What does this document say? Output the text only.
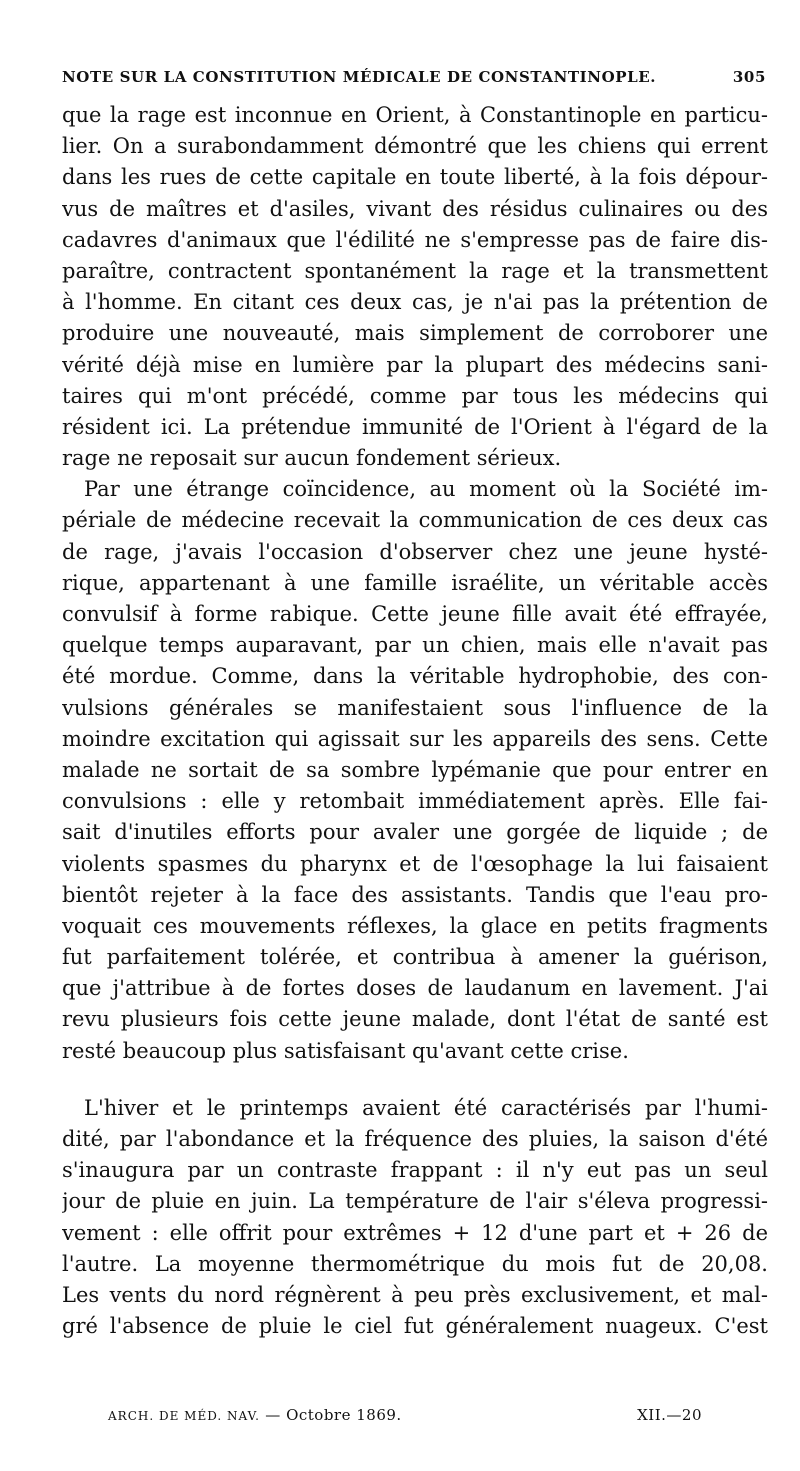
NOTE SUR LA CONSTITUTION MÉDICALE DE CONSTANTINOPLE.	305
que la rage est inconnue en Orient, à Constantinople en particu-
lier. On a surabondamment démontré que les chiens qui errent
dans les rues de cette capitale en toute liberté, à la fois dépour-
vus de maîtres et d'asiles, vivant des résidus culinaires ou des
cadavres d'animaux que l'édilité ne s'empresse pas de faire dis-
paraître, contractent spontanément la rage et la transmettent
à l'homme. En citant ces deux cas, je n'ai pas la prétention de
produire une nouveauté, mais simplement de corroborer une
vérité déjà mise en lumière par la plupart des médecins sani-
taires qui m'ont précédé, comme par tous les médecins qui
résident ici. La prétendue immunité de l'Orient à l'égard de la
rage ne reposait sur aucun fondement sérieux.
Par une étrange coïncidence, au moment où la Société im-
périale de médecine recevait la communication de ces deux cas
de rage, j'avais l'occasion d'observer chez une jeune hysté-
rique, appartenant à une famille israélite, un véritable accès
convulsif à forme rabique. Cette jeune fille avait été effrayée,
quelque temps auparavant, par un chien, mais elle n'avait pas
été mordue. Comme, dans la véritable hydrophobie, des con-
vulsions générales se manifestaient sous l'influence de la
moindre excitation qui agissait sur les appareils des sens. Cette
malade ne sortait de sa sombre lypémanie que pour entrer en
convulsions : elle y retombait immédiatement après. Elle fai-
sait d'inutiles efforts pour avaler une gorgée de liquide ; de
violents spasmes du pharynx et de l'œsophage la lui faisaient
bientôt rejeter à la face des assistants. Tandis que l'eau pro-
voquait ces mouvements réflexes, la glace en petits fragments
fut parfaitement tolérée, et contribua à amener la guérison,
que j'attribue à de fortes doses de laudanum en lavement. J'ai
revu plusieurs fois cette jeune malade, dont l'état de santé est
resté beaucoup plus satisfaisant qu'avant cette crise.
L'hiver et le printemps avaient été caractérisés par l'humi-
dité, par l'abondance et la fréquence des pluies, la saison d'été
s'inaugura par un contraste frappant : il n'y eut pas un seul
jour de pluie en juin. La température de l'air s'éleva progressi-
vement : elle offrit pour extrêmes + 12 d'une part et + 26 de
l'autre. La moyenne thermométrique du mois fut de 20,08.
Les vents du nord régnèrent à peu près exclusivement, et mal-
gré l'absence de pluie le ciel fut généralement nuageux. C'est
ARCH. DE MÉD. NAV. — Octobre 1869.	XII.—20
